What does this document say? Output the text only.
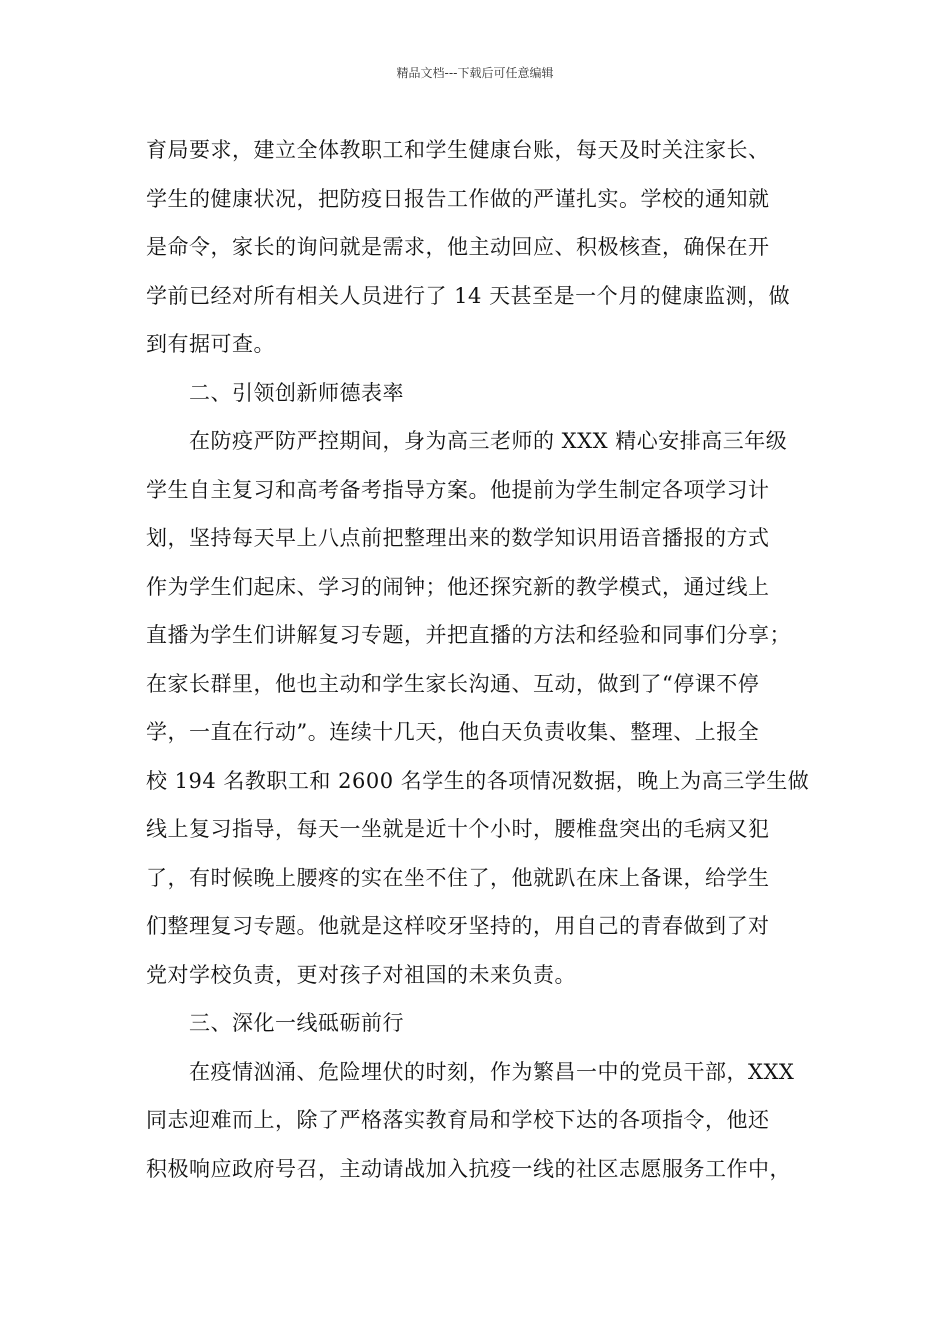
精品文档---下载后可任意编辑
育局要求，建立全体教职工和学生健康台账，每天及时关注家长、
学生的健康状况，把防疫日报告工作做的严谨扎实。学校的通知就
是命令，家长的询问就是需求，他主动回应、积极核查，确保在开
学前已经对所有相关人员进行了 14 天甚至是一个月的健康监测，做
到有据可查。
二、引领创新师德表率
在防疫严防严控期间，身为高三老师的 XXX 精心安排高三年级
学生自主复习和高考备考指导方案。他提前为学生制定各项学习计
划，坚持每天早上八点前把整理出来的数学知识用语音播报的方式
作为学生们起床、学习的闹钟；他还探究新的教学模式，通过线上
直播为学生们讲解复习专题，并把直播的方法和经验和同事们分享；
在家长群里，他也主动和学生家长沟通、互动，做到了“停课不停
学，一直在行动”。连续十几天，他白天负责收集、整理、上报全
校 194 名教职工和 2600 名学生的各项情况数据，晚上为高三学生做
线上复习指导，每天一坐就是近十个小时，腰椎盘突出的毛病又犯
了，有时候晚上腰疼的实在坐不住了，他就趴在床上备课，给学生
们整理复习专题。他就是这样咬牙坚持的，用自己的青春做到了对
党对学校负责，更对孩子对祖国的未来负责。
三、深化一线砥砺前行
在疫情汹涌、危险埋伏的时刻，作为繁昌一中的党员干部，XXX
同志迎难而上，除了严格落实教育局和学校下达的各项指令，他还
积极响应政府号召，主动请战加入抗疫一线的社区志愿服务工作中，
